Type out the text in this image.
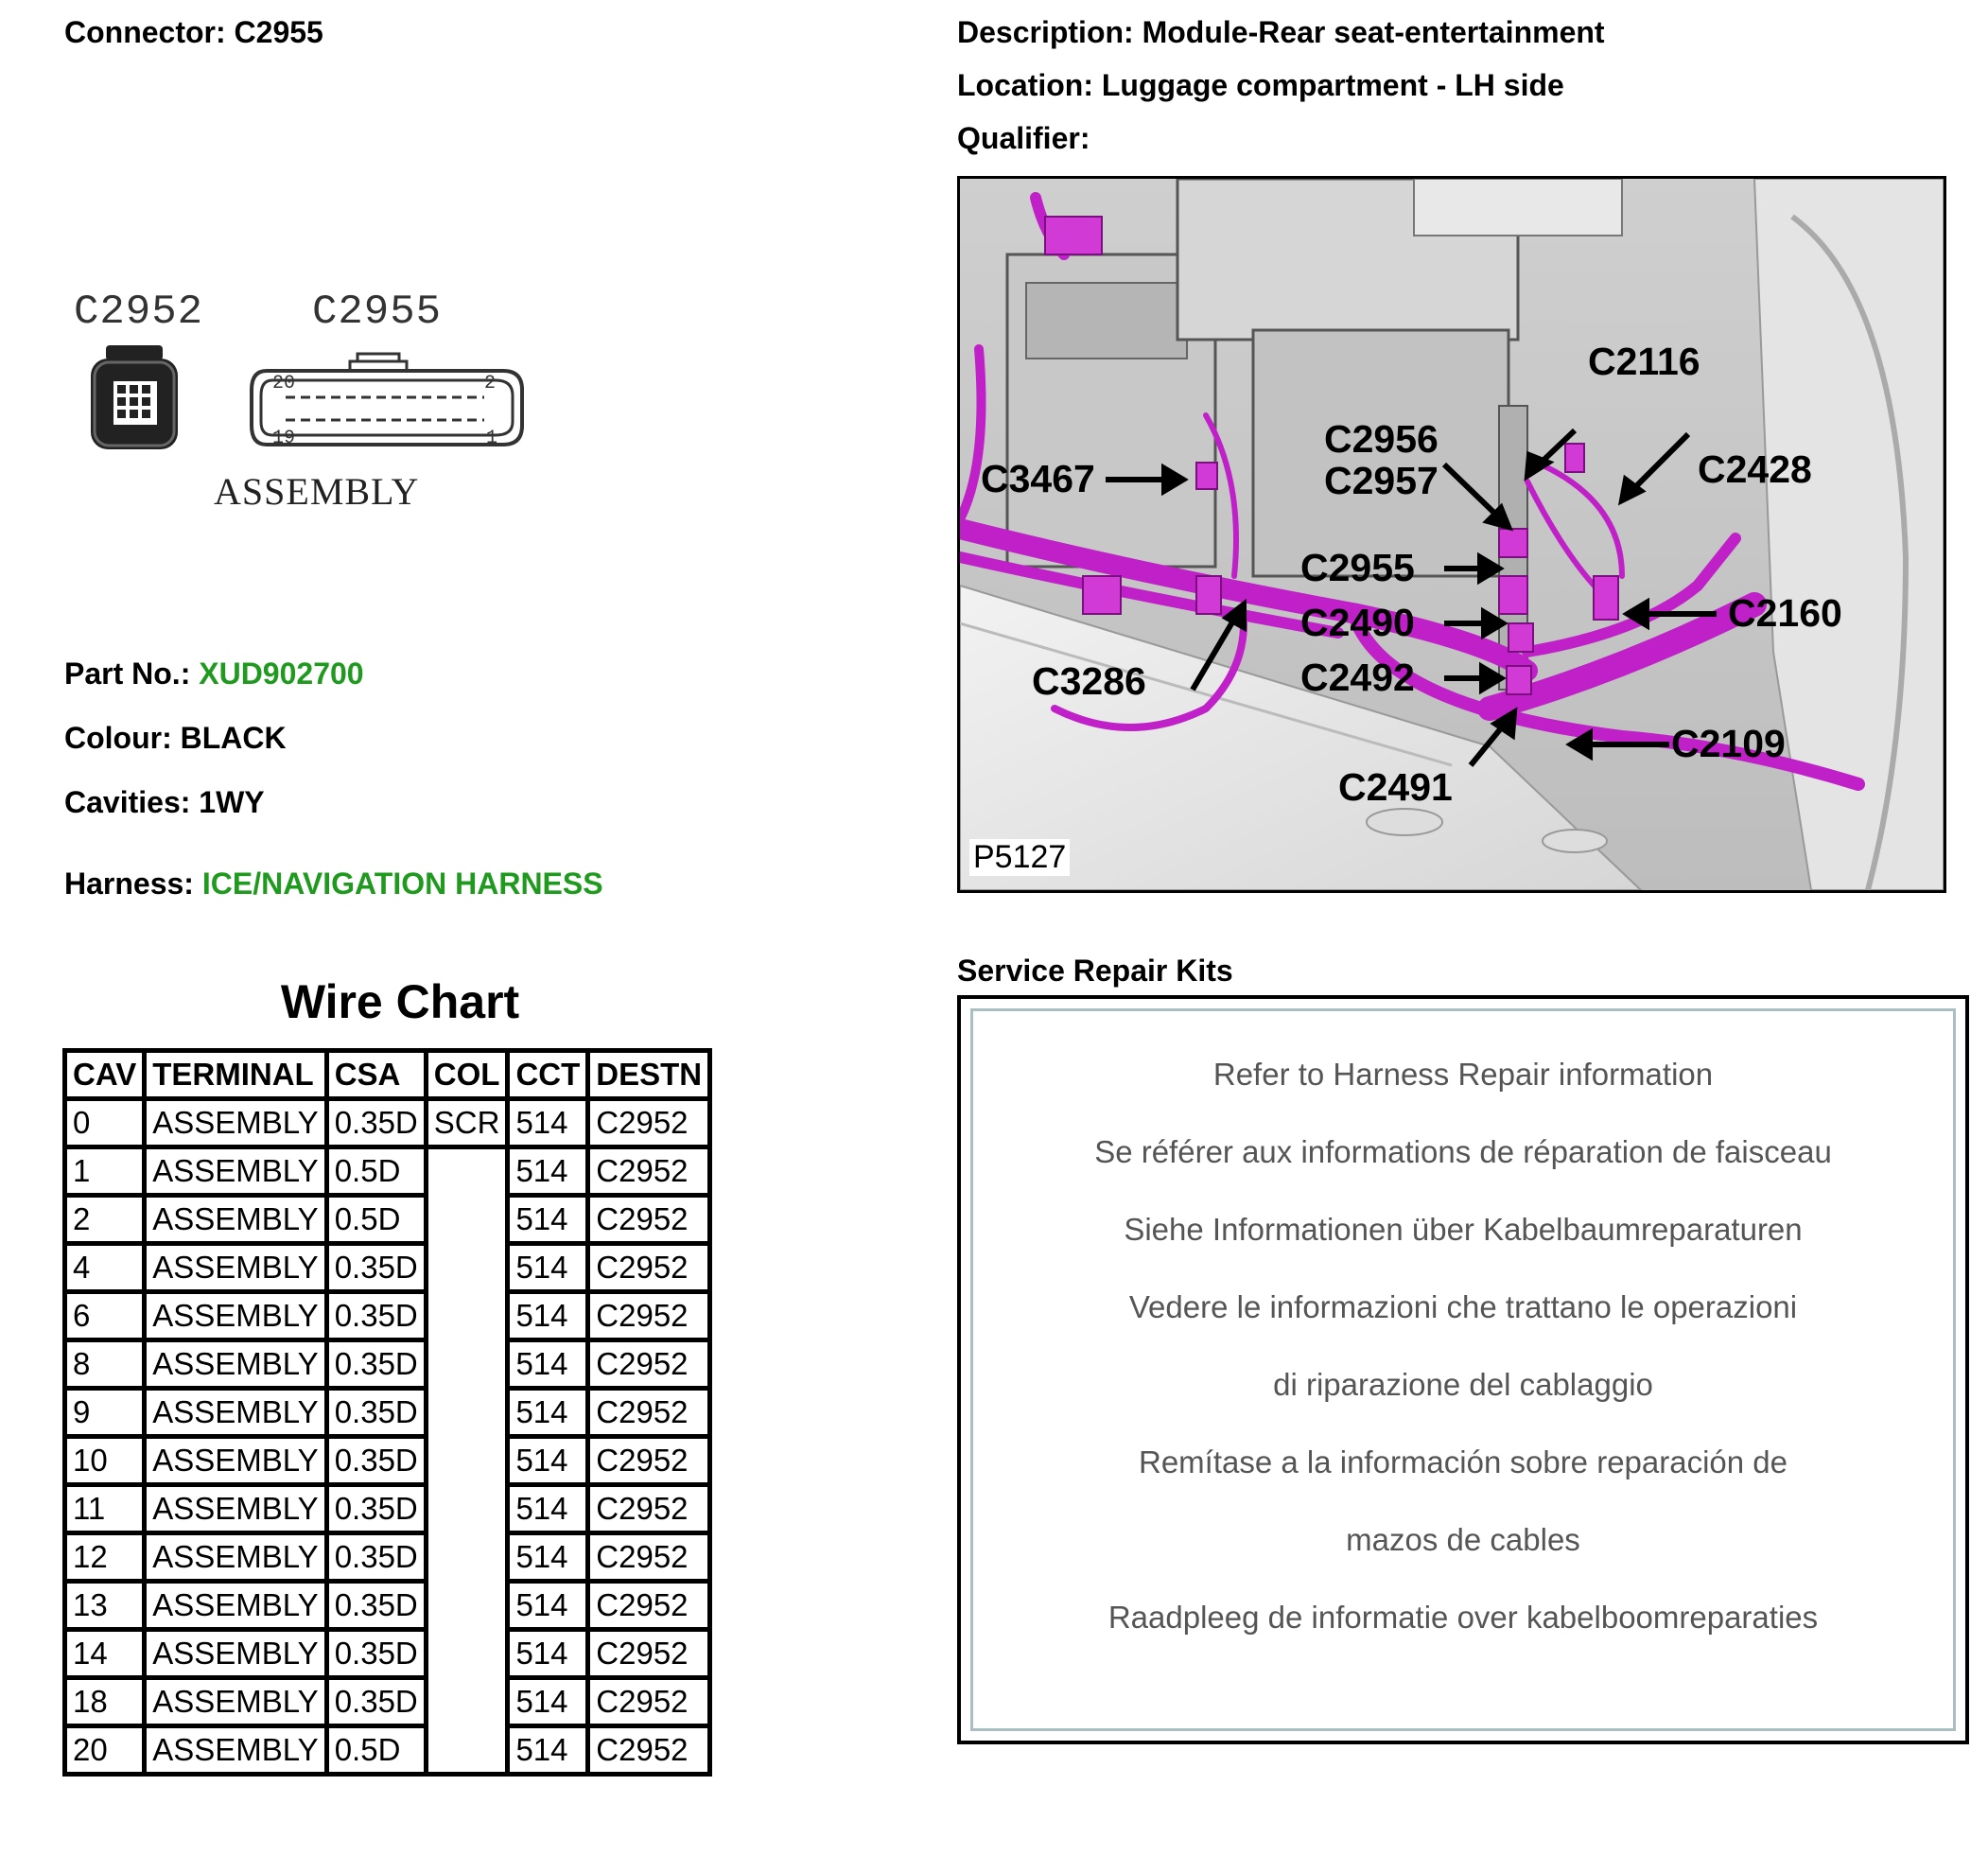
Connector: C2955
C2952	C2955
20	2
19	1
ASSEMBLY
Part No.: XUD902700
Colour: BLACK
Cavities: 1WY
Harness: ICE/NAVIGATION HARNESS
Wire Chart
CAV	TERMINAL	CSA	COL	CCT	DESTN
0	ASSEMBLY	0.35D	SCR	514	C2952
1	ASSEMBLY	0.5D		514	C2952
2	ASSEMBLY	0.5D		514	C2952
4	ASSEMBLY	0.35D		514	C2952
6	ASSEMBLY	0.35D		514	C2952
8	ASSEMBLY	0.35D		514	C2952
9	ASSEMBLY	0.35D		514	C2952
10	ASSEMBLY	0.35D		514	C2952
11	ASSEMBLY	0.35D		514	C2952
12	ASSEMBLY	0.35D		514	C2952
13	ASSEMBLY	0.35D		514	C2952
14	ASSEMBLY	0.35D		514	C2952
18	ASSEMBLY	0.35D		514	C2952
20	ASSEMBLY	0.5D		514	C2952
Description: Module-Rear seat-entertainment
Location: Luggage compartment - LH side
Qualifier:
C2116
C2956
C2957	C2428
C3467
C2955
C2160
C2490
C3286	C2492
C2109
C2491
P5127
Service Repair Kits
Refer to Harness Repair information
Se référer aux informations de réparation de faisceau
Siehe Informationen über Kabelbaumreparaturen
Vedere le informazioni che trattano le operazioni
di riparazione del cablaggio
Remítase a la información sobre reparación de
mazos de cables
Raadpleeg de informatie over kabelboomreparaties
